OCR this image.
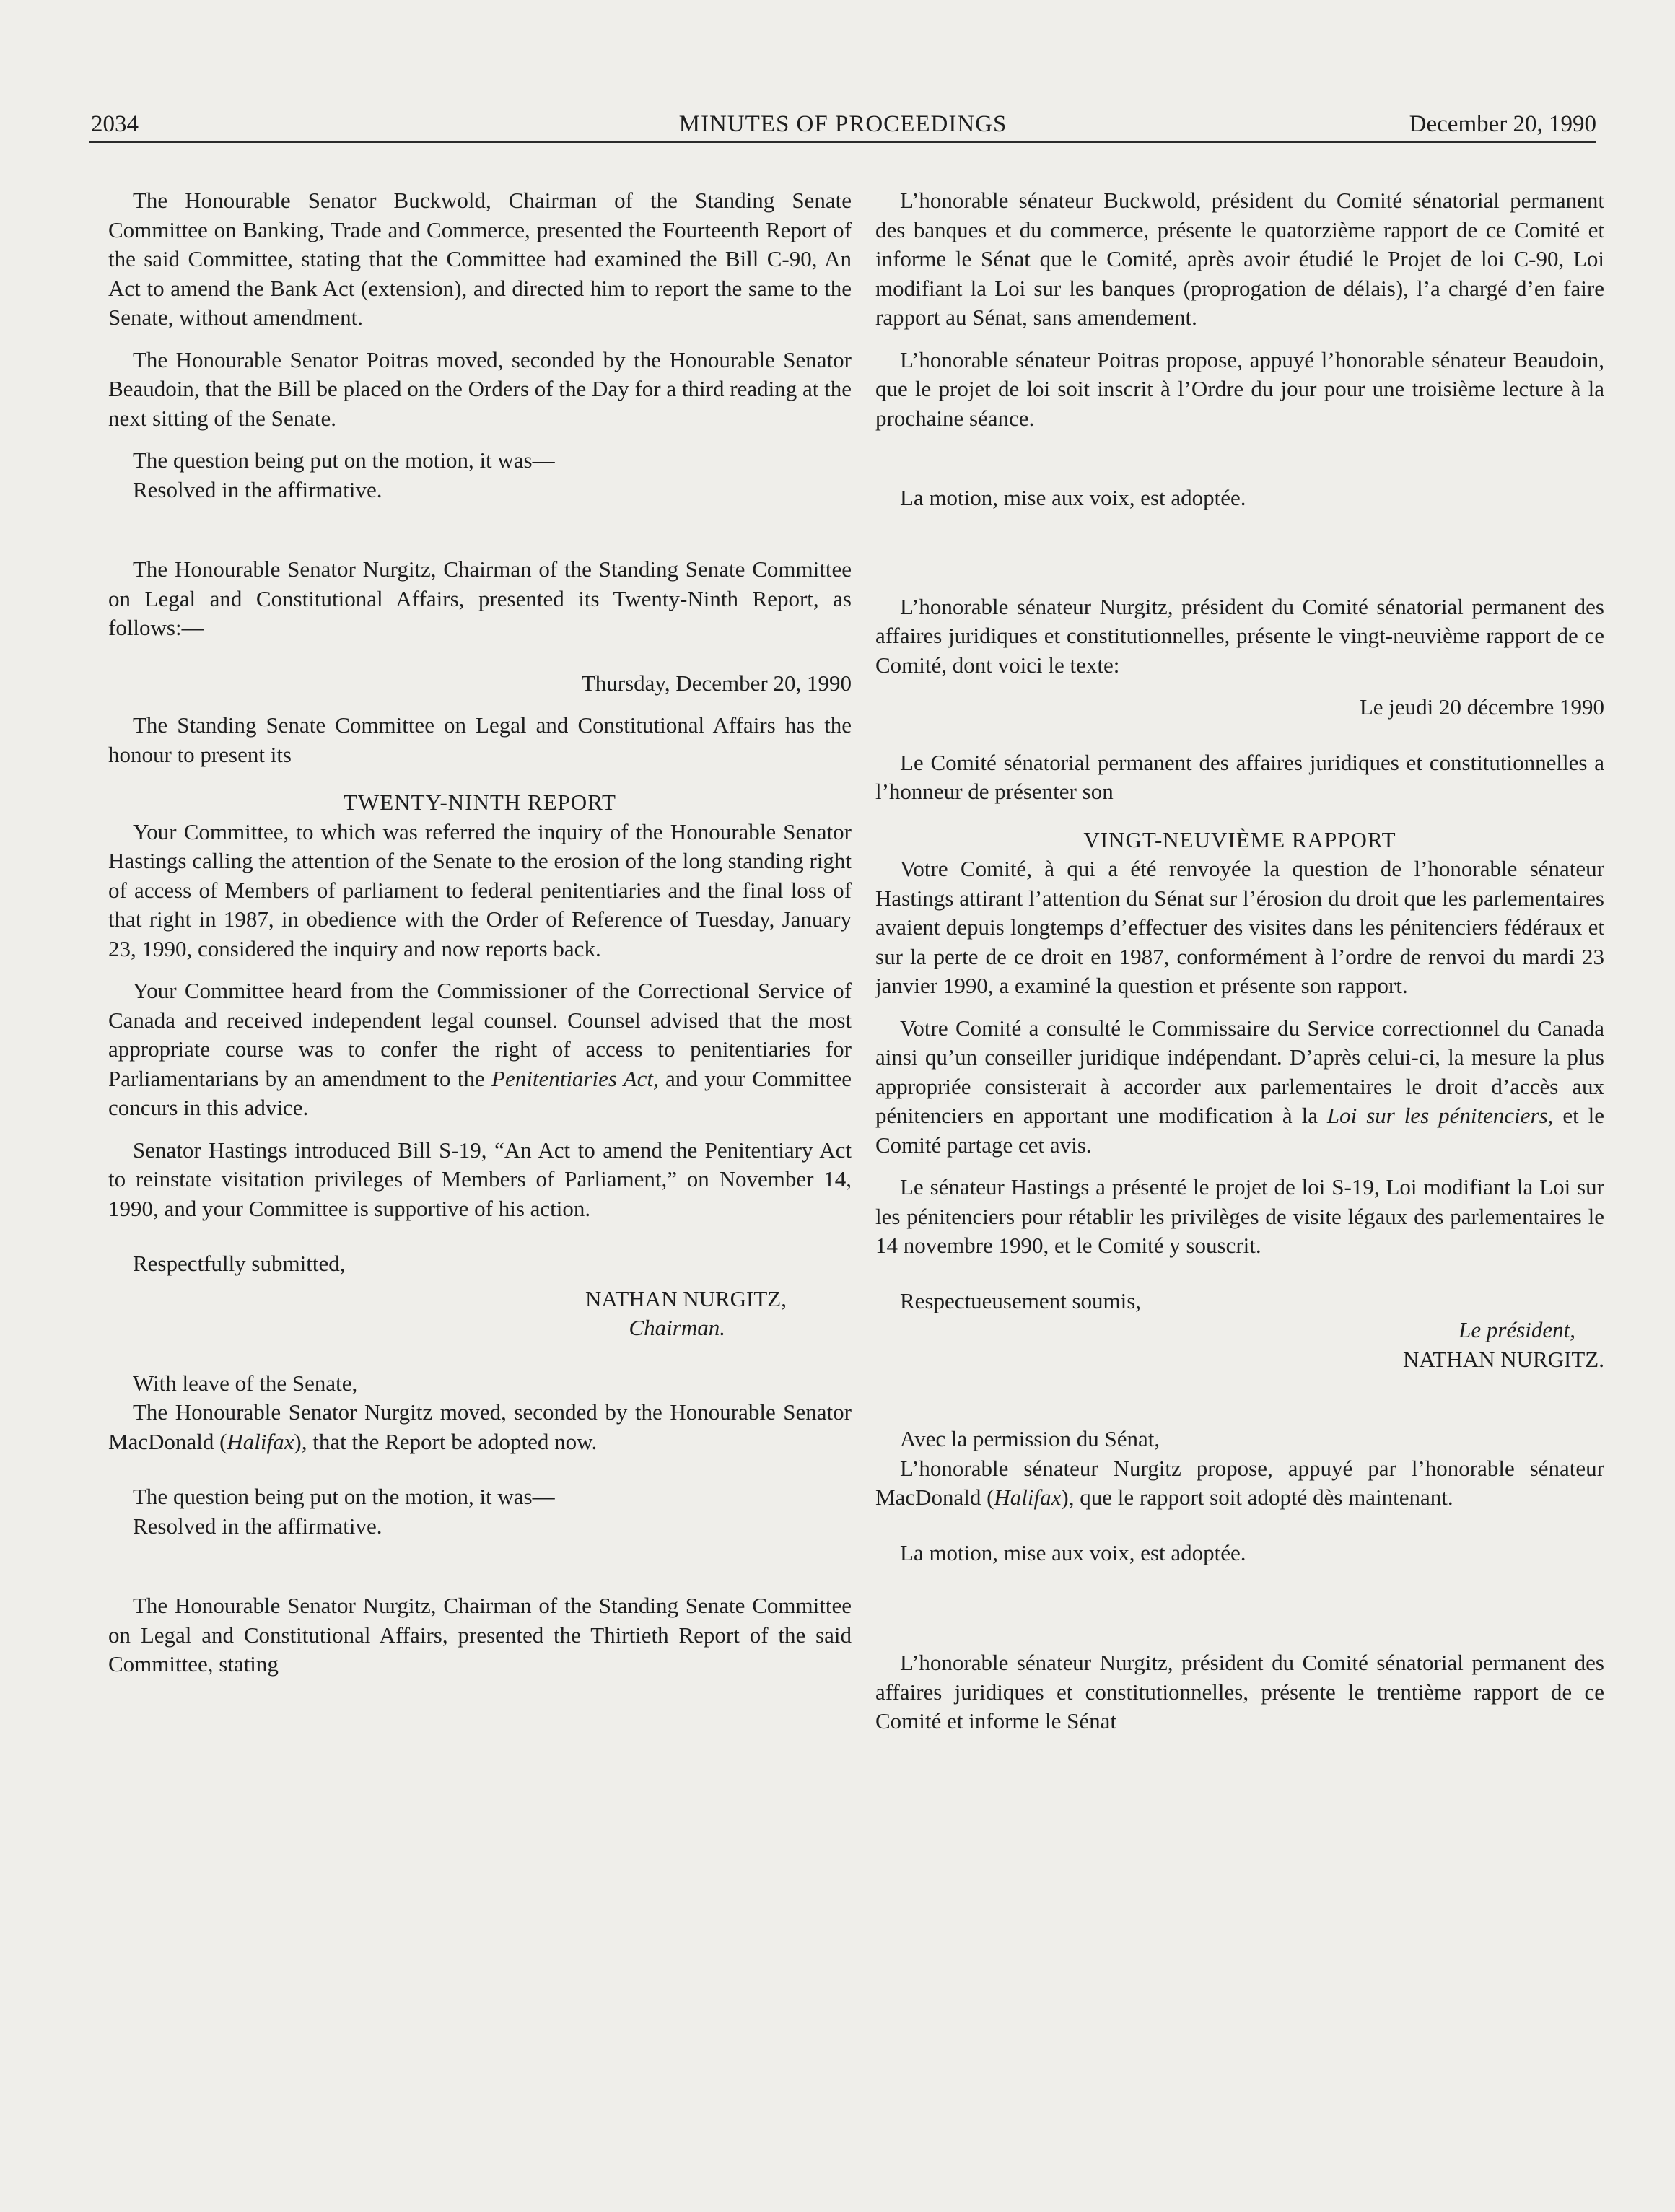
2034	MINUTES OF PROCEEDINGS	December 20, 1990

The Honourable Senator Buckwold, Chairman of the Standing Senate Committee on Banking, Trade and Commerce, presented the Fourteenth Report of the said Committee, stating that the Committee had examined the Bill C-90, An Act to amend the Bank Act (extension), and directed him to report the same to the Senate, without amendment.

The Honourable Senator Poitras moved, seconded by the Honourable Senator Beaudoin, that the Bill be placed on the Orders of the Day for a third reading at the next sitting of the Senate.

The question being put on the motion, it was—

Resolved in the affirmative.

The Honourable Senator Nurgitz, Chairman of the Standing Senate Committee on Legal and Constitutional Affairs, presented its Twenty-Ninth Report, as follows:—

Thursday, December 20, 1990

The Standing Senate Committee on Legal and Constitutional Affairs has the honour to present its

TWENTY-NINTH REPORT

Your Committee, to which was referred the inquiry of the Honourable Senator Hastings calling the attention of the Senate to the erosion of the long standing right of access of Members of parliament to federal penitentiaries and the final loss of that right in 1987, in obedience with the Order of Reference of Tuesday, January 23, 1990, considered the inquiry and now reports back.

Your Committee heard from the Commissioner of the Correctional Service of Canada and received independent legal counsel. Counsel advised that the most appropriate course was to confer the right of access to penitentiaries for Parliamentarians by an amendment to the Penitentiaries Act, and your Committee concurs in this advice.

Senator Hastings introduced Bill S-19, “An Act to amend the Penitentiary Act to reinstate visitation privileges of Members of Parliament,” on November 14, 1990, and your Committee is supportive of his action.

Respectfully submitted,

NATHAN NURGITZ,

Chairman.

With leave of the Senate,

The Honourable Senator Nurgitz moved, seconded by the Honourable Senator MacDonald (Halifax), that the Report be adopted now.

The question being put on the motion, it was—

Resolved in the affirmative.

The Honourable Senator Nurgitz, Chairman of the Standing Senate Committee on Legal and Constitutional Affairs, presented the Thirtieth Report of the said Committee, stating

L’honorable sénateur Buckwold, président du Comité sénatorial permanent des banques et du commerce, présente le quatorzième rapport de ce Comité et informe le Sénat que le Comité, après avoir étudié le Projet de loi C-90, Loi modifiant la Loi sur les banques (proprogation de délais), l’a chargé d’en faire rapport au Sénat, sans amendement.

L’honorable sénateur Poitras propose, appuyé l’honorable sénateur Beaudoin, que le projet de loi soit inscrit à l’Ordre du jour pour une troisième lecture à la prochaine séance.

La motion, mise aux voix, est adoptée.

L’honorable sénateur Nurgitz, président du Comité sénatorial permanent des affaires juridiques et constitutionnelles, présente le vingt-neuvième rapport de ce Comité, dont voici le texte:

Le jeudi 20 décembre 1990

Le Comité sénatorial permanent des affaires juridiques et constitutionnelles a l’honneur de présenter son

VINGT-NEUVIÈME RAPPORT

Votre Comité, à qui a été renvoyée la question de l’honorable sénateur Hastings attirant l’attention du Sénat sur l’érosion du droit que les parlementaires avaient depuis longtemps d’effectuer des visites dans les pénitenciers fédéraux et sur la perte de ce droit en 1987, conformément à l’ordre de renvoi du mardi 23 janvier 1990, a examiné la question et présente son rapport.

Votre Comité a consulté le Commissaire du Service correctionnel du Canada ainsi qu’un conseiller juridique indépendant. D’après celui-ci, la mesure la plus appropriée consisterait à accorder aux parlementaires le droit d’accès aux pénitenciers en apportant une modification à la Loi sur les pénitenciers, et le Comité partage cet avis.

Le sénateur Hastings a présenté le projet de loi S-19, Loi modifiant la Loi sur les pénitenciers pour rétablir les privilèges de visite légaux des parlementaires le 14 novembre 1990, et le Comité y souscrit.

Respectueusement soumis,

Le président,

NATHAN NURGITZ.

Avec la permission du Sénat,

L’honorable sénateur Nurgitz propose, appuyé par l’honorable sénateur MacDonald (Halifax), que le rapport soit adopté dès maintenant.

La motion, mise aux voix, est adoptée.

L’honorable sénateur Nurgitz, président du Comité sénatorial permanent des affaires juridiques et constitutionnelles, présente le trentième rapport de ce Comité et informe le Sénat
